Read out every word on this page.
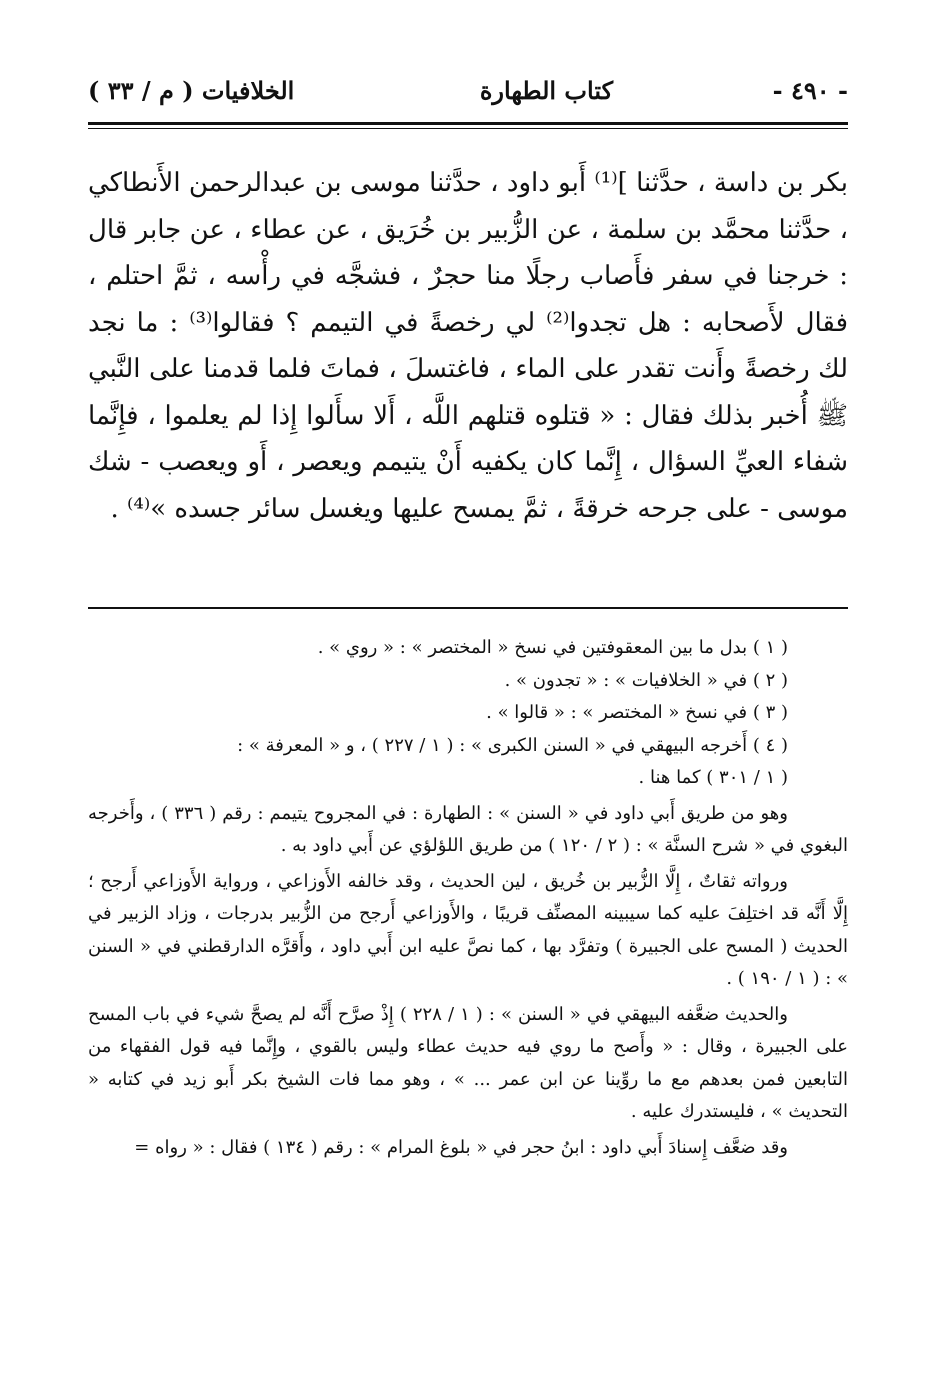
- ٤٩٠ -
كتاب الطهارة
الخلافيات ( م / ٣٣ )

بكر بن داسة ، حدَّثنا ]⁽¹⁾ أَبو داود ، حدَّثنا موسى بن عبدالرحمن الأَنطاكي ، حدَّثنا محمَّد بن سلمة ، عن الزُّبير بن خُرَيق ، عن عطاء ، عن جابر قال : خرجنا في سفر فأَصاب رجلًا منا حجرٌ ، فشجَّه في رأْسه ، ثمَّ احتلم ، فقال لأَصحابه : هل تجدوا⁽²⁾ لي رخصةً في التيمم ؟ فقالوا⁽³⁾ : ما نجد لك رخصةً وأَنت تقدر على الماء ، فاغتسلَ ، فماتَ فلما قدمنا على النَّبي ﷺ أُخبر بذلك فقال : « قتلوه قتلهم اللَّه ، أَلا سأَلوا إِذا لم يعلموا ، فإِنَّما شفاء العيِّ السؤال ، إِنَّما كان يكفيه أَنْ يتيمم ويعصر ، أَو ويعصب - شك موسى - على جرحه خرقةً ، ثمَّ يمسح عليها ويغسل سائر جسده »⁽⁴⁾ .

( ١ ) بدل ما بين المعقوفتين في نسخ « المختصر » : « روي » .

( ٢ ) في « الخلافيات » : « تجدون » .

( ٣ ) في نسخ « المختصر » : « قالوا » .

( ٤ ) أَخرجه البيهقي في « السنن الكبرى » : ( ١ / ٢٢٧ ) ، و « المعرفة » :

( ١ / ٣٠١ ) كما هنا .

وهو من طريق أَبي داود في « السنن » : الطهارة : في المجروح يتيمم : رقم ( ٣٣٦ ) ، وأَخرجه البغوي في « شرح السنَّة » : ( ٢ / ١٢٠ ) من طريق اللؤلؤي عن أَبي داود به .

ورواته ثقاتٌ ، إِلَّا الزُّبير بن خُريق ، لين الحديث ، وقد خالفه الأَوزاعي ، ورواية الأَوزاعي أَرجح ؛ إِلَّا أَنَّه قد اختلِفَ عليه كما سيبينه المصنِّف قريبًا ، والأَوزاعي أَرجح من الزُّبير بدرجات ، وزاد الزبير في الحديث ( المسح على الجبيرة ) وتفرَّد بها ، كما نصَّ عليه ابن أَبي داود ، وأَقرَّه الدارقطني في « السنن » : ( ١ / ١٩٠ ) .

والحديث ضعَّفه البيهقي في « السنن » : ( ١ / ٢٢٨ ) إِذْ صرَّح أَنَّه لم يصحَّ شيء في باب المسح على الجبيرة ، وقال : « وأَصح ما روي فيه حديث عطاء وليس بالقوي ، وإِنَّما فيه قول الفقهاء من التابعين فمن بعدهم مع ما روِّينا عن ابن عمر ... » ، وهو مما فات الشيخ بكر أَبو زيد في كتابه « التحديث » ، فليستدرك عليه .

وقد ضعَّف إِسنادَ أَبي داود : ابنُ حجر في « بلوغ المرام » : رقم ( ١٣٤ ) فقال : « رواه =
